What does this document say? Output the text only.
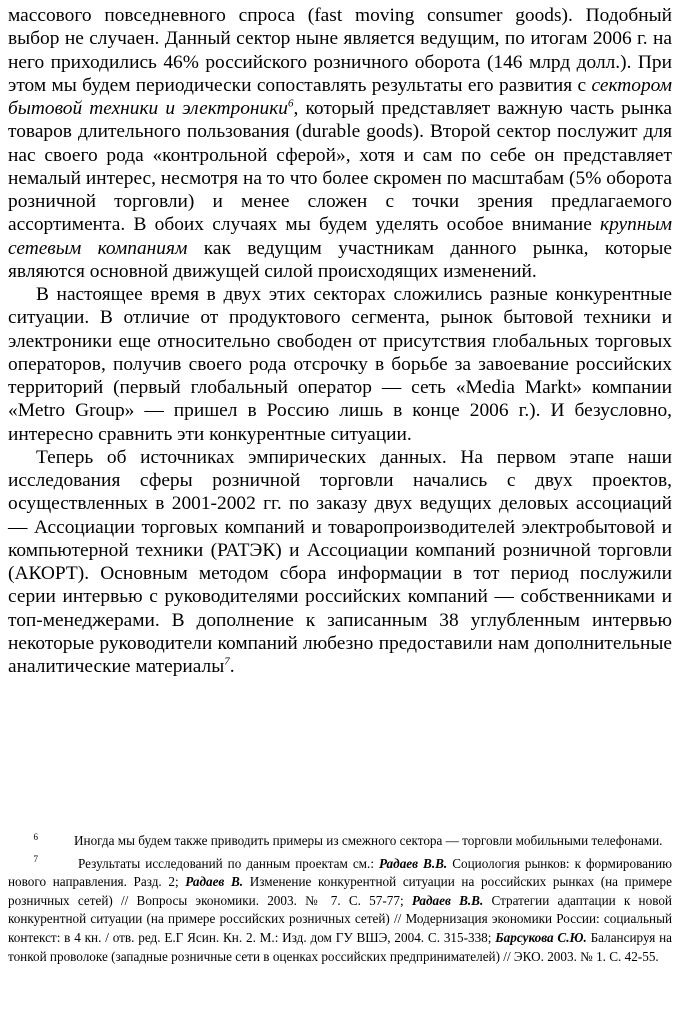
массового повседневного спроса (fast moving consumer goods). Подобный выбор не случаен. Данный сектор ныне является ведущим, по итогам 2006 г. на него приходились 46% российского розничного оборота (146 млрд долл.). При этом мы будем периодически сопоставлять результаты его развития с сектором бытовой техники и электроники$^6$, который представляет важную часть рынка товаров длительного пользования (durable goods). Второй сектор послужит для нас своего рода «контрольной сферой», хотя и сам по себе он представляет немалый интерес, несмотря на то что более скромен по масштабам (5% оборота розничной торговли) и менее сложен с точки зрения предлагаемого ассортимента. В обоих случаях мы будем уделять особое внимание крупным сетевым компаниям как ведущим участникам данного рынка, которые являются основной движущей силой происходящих изменений.

В настоящее время в двух этих секторах сложились разные конкурентные ситуации. В отличие от продуктового сегмента, рынок бытовой техники и электроники еще относительно свободен от присутствия глобальных торговых операторов, получив своего рода отсрочку в борьбе за завоевание российских территорий (первый глобальный оператор — сеть «Media Markt» компании «Metro Group» — пришел в Россию лишь в конце 2006 г.). И безусловно, интересно сравнить эти конкурентные ситуации.

Теперь об источниках эмпирических данных. На первом этапе наши исследования сферы розничной торговли начались с двух проектов, осуществленных в 2001-2002 гг. по заказу двух ведущих деловых ассоциаций — Ассоциации торговых компаний и товаропроизводителей электробытовой и компьютерной техники (РАТЭК) и Ассоциации компаний розничной торговли (АКОРТ). Основным методом сбора информации в тот период послужили серии интервью с руководителями российских компаний — собственниками и топ-менеджерами. В дополнение к записанным 38 углубленным интервью некоторые руководители компаний любезно предоставили нам дополнительные аналитические материалы$^7$.

6	Иногда мы будем также приводить примеры из смежного сектора — торговли мобильными телефонами.

7	Результаты исследований по данным проектам см.: Радаев В.В. Социология рынков: к формированию нового направления. Разд. 2; Радаев В. Изменение конкурентной ситуации на российских рынках (на примере розничных сетей) // Вопросы экономики. 2003. № 7. С. 57-77; Радаев В.В. Стратегии адаптации к новой конкурентной ситуации (на примере российских розничных сетей) // Модернизация экономики России: социальный контекст: в 4 кн. / отв. ред. Е.Г Ясин. Кн. 2. М.: Изд. дом ГУ ВШЭ, 2004. С. 315-338; Барсукова С.Ю. Балансируя на тонкой проволоке (западные розничные сети в оценках российских предпринимателей) // ЭКО. 2003. № 1. С. 42-55.
